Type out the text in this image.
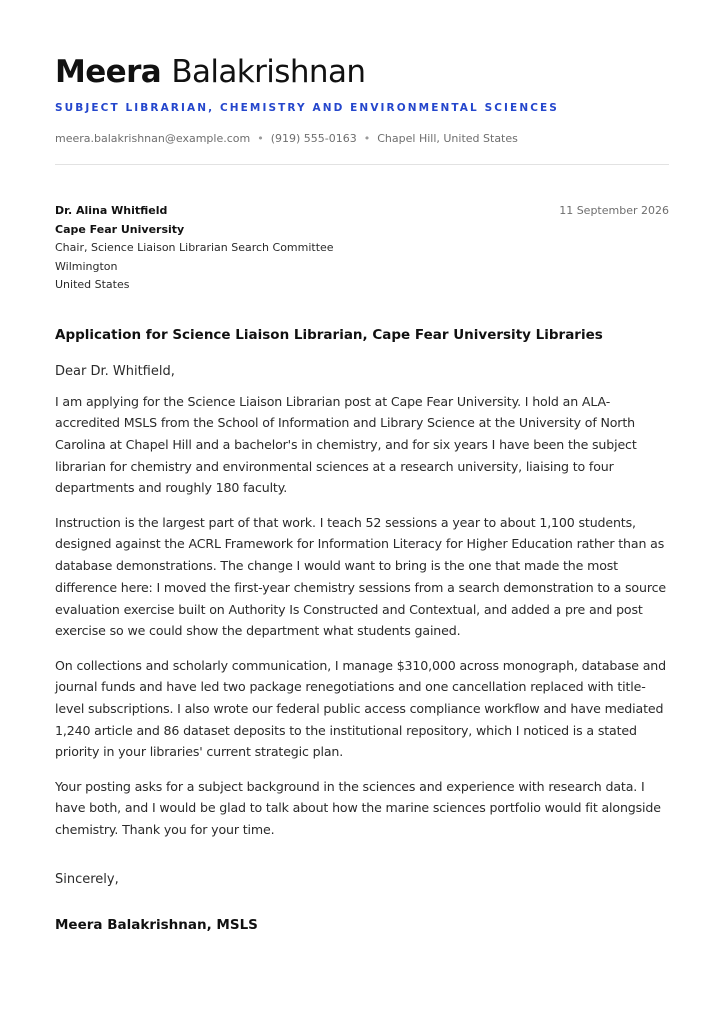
Meera Balakrishnan
SUBJECT LIBRARIAN, CHEMISTRY AND ENVIRONMENTAL SCIENCES
meera.balakrishnan@example.com • (919) 555-0163 • Chapel Hill, United States
Dr. Alina Whitfield
Cape Fear University
Chair, Science Liaison Librarian Search Committee
Wilmington
United States
11 September 2026
Application for Science Liaison Librarian, Cape Fear University Libraries
Dear Dr. Whitfield,

I am applying for the Science Liaison Librarian post at Cape Fear University. I hold an ALA-accredited MSLS from the School of Information and Library Science at the University of North Carolina at Chapel Hill and a bachelor's in chemistry, and for six years I have been the subject librarian for chemistry and environmental sciences at a research university, liaising to four departments and roughly 180 faculty.

Instruction is the largest part of that work. I teach 52 sessions a year to about 1,100 students, designed against the ACRL Framework for Information Literacy for Higher Education rather than as database demonstrations. The change I would want to bring is the one that made the most difference here: I moved the first-year chemistry sessions from a search demonstration to a source evaluation exercise built on Authority Is Constructed and Contextual, and added a pre and post exercise so we could show the department what students gained.

On collections and scholarly communication, I manage $310,000 across monograph, database and journal funds and have led two package renegotiations and one cancellation replaced with title-level subscriptions. I also wrote our federal public access compliance workflow and have mediated 1,240 article and 86 dataset deposits to the institutional repository, which I noticed is a stated priority in your libraries' current strategic plan.

Your posting asks for a subject background in the sciences and experience with research data. I have both, and I would be glad to talk about how the marine sciences portfolio would fit alongside chemistry. Thank you for your time.

Sincerely,
Meera Balakrishnan, MSLS
